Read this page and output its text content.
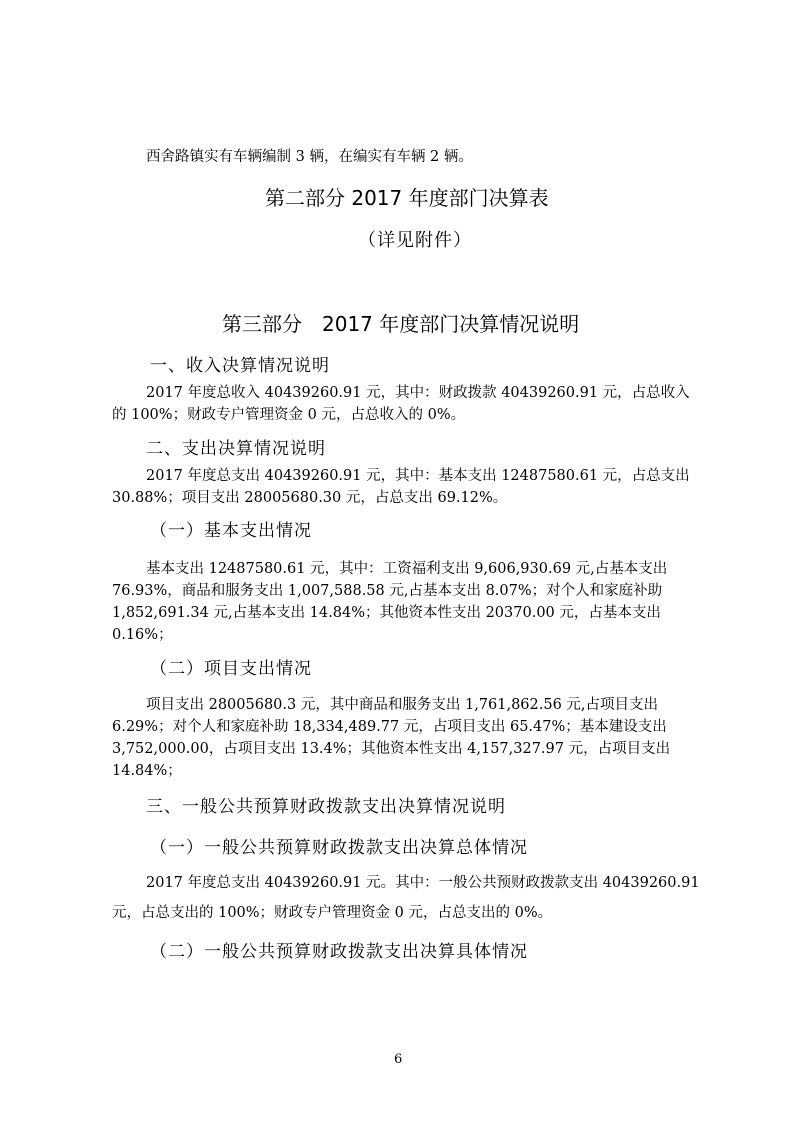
西舍路镇实有车辆编制 3 辆，在编实有车辆 2 辆。
第二部分 2017 年度部门决算表
（详见附件）
第三部分　2017 年度部门决算情况说明
一、收入决算情况说明
2017 年度总收入 40439260.91 元，其中：财政拨款 40439260.91 元，占总收入
的 100%；财政专户管理资金 0 元，占总收入的 0%。
二、支出决算情况说明
2017 年度总支出 40439260.91 元，其中：基本支出 12487580.61 元，占总支出
30.88%；项目支出 28005680.30 元，占总支出 69.12%。
（一）基本支出情况
基本支出 12487580.61 元，其中：工资福利支出 9,606,930.69 元,占基本支出
76.93%，商品和服务支出 1,007,588.58 元,占基本支出 8.07%；对个人和家庭补助
1,852,691.34 元,占基本支出 14.84%；其他资本性支出 20370.00 元，占基本支出
0.16%；
（二）项目支出情况
项目支出 28005680.3 元，其中商品和服务支出 1,761,862.56 元,占项目支出
6.29%；对个人和家庭补助 18,334,489.77 元，占项目支出 65.47%；基本建设支出
3,752,000.00，占项目支出 13.4%；其他资本性支出 4,157,327.97 元，占项目支出
14.84%；
三、一般公共预算财政拨款支出决算情况说明
（一）一般公共预算财政拨款支出决算总体情况
2017 年度总支出 40439260.91 元。其中：一般公共预财政拨款支出 40439260.91
元，占总支出的 100%；财政专户管理资金 0 元，占总支出的 0%。
（二）一般公共预算财政拨款支出决算具体情况
6
